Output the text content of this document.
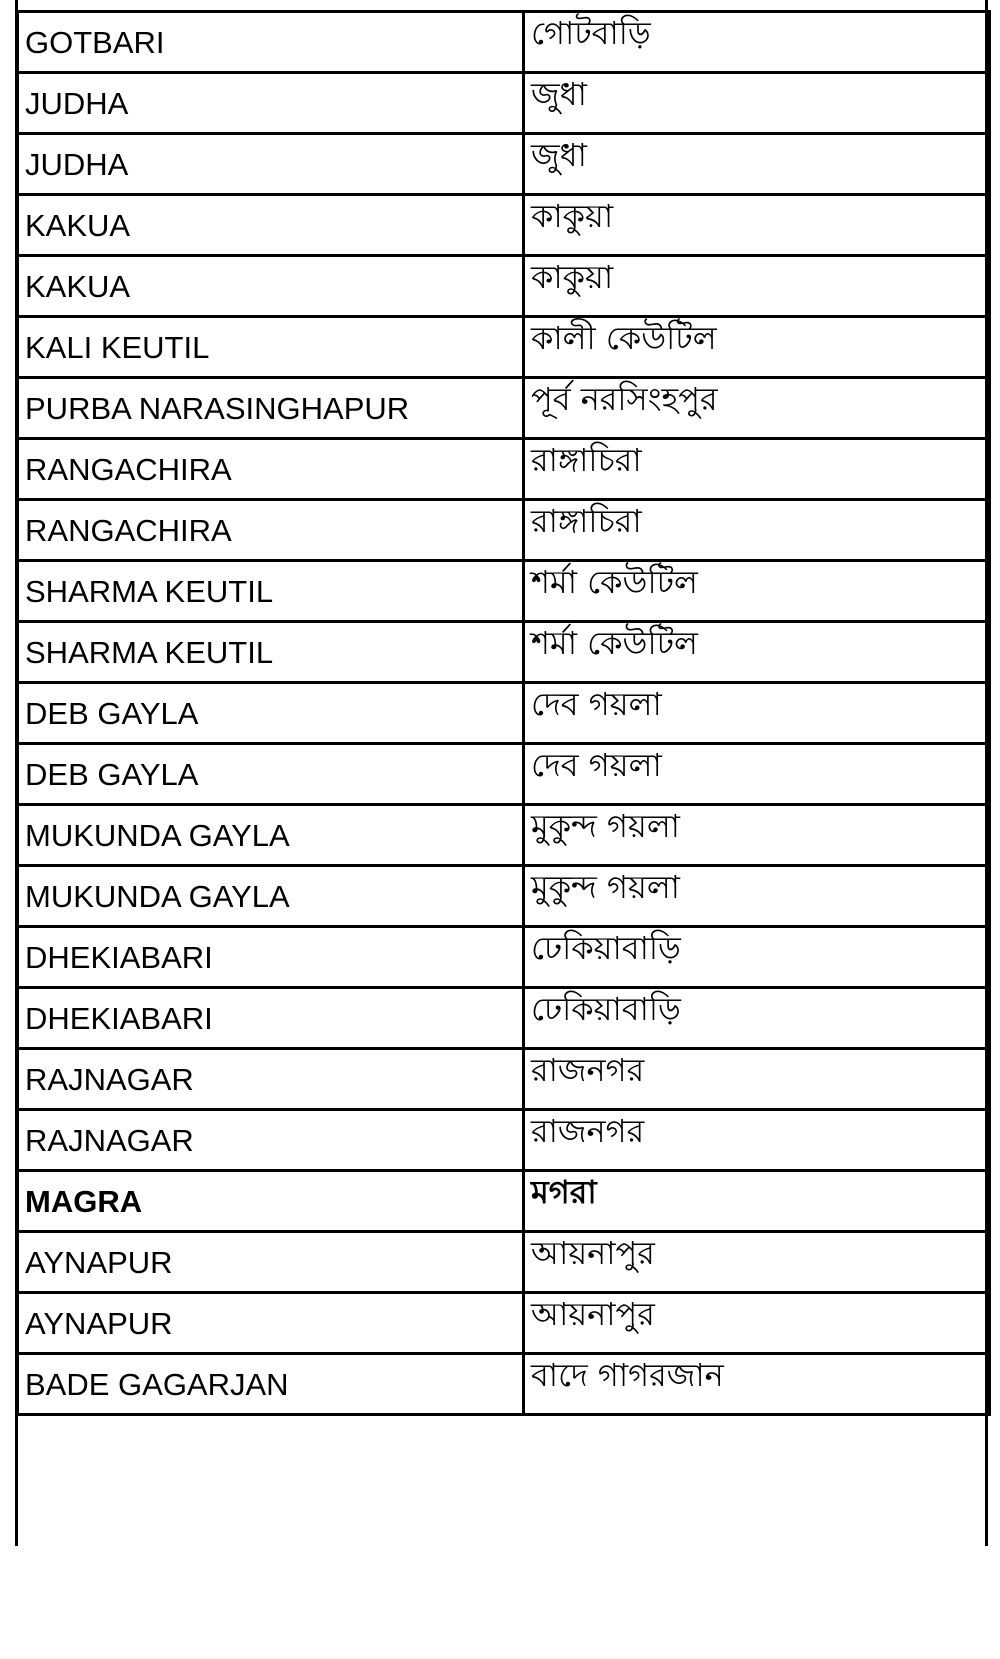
GOTBARI	গোটবাড়ি
JUDHA	জুধা
JUDHA	জুধা
KAKUA	কাকুয়া
KAKUA	কাকুয়া
KALI KEUTIL	কালী কেউটিল
PURBA NARASINGHAPUR	পূর্ব নরসিংহপুর
RANGACHIRA	রাঙ্গাচিরা
RANGACHIRA	রাঙ্গাচিরা
SHARMA KEUTIL	শর্মা কেউটিল
SHARMA KEUTIL	শর্মা কেউটিল
DEB GAYLA	দেব গয়লা
DEB GAYLA	দেব গয়লা
MUKUNDA GAYLA	মুকুন্দ গয়লা
MUKUNDA GAYLA	মুকুন্দ গয়লা
DHEKIABARI	ঢেকিয়াবাড়ি
DHEKIABARI	ঢেকিয়াবাড়ি
RAJNAGAR	রাজনগর
RAJNAGAR	রাজনগর
MAGRA	মগরা
AYNAPUR	আয়নাপুর
AYNAPUR	আয়নাপুর
BADE GAGARJAN	বাদে গাগরজান
